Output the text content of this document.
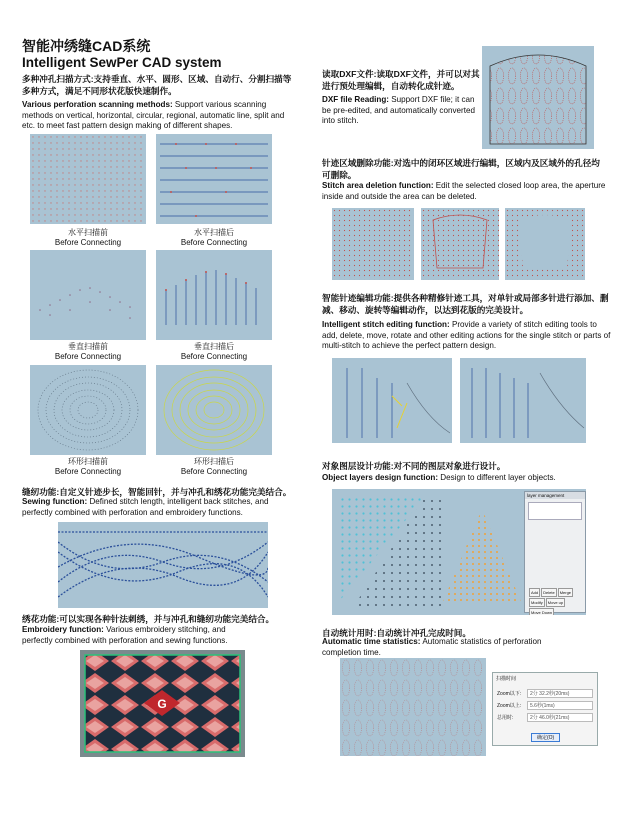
智能冲绣缝CAD系统
Intelligent SewPer CAD system
多种冲孔扫描方式:支持垂直、水平、圆形、区域、自动行、分割扫描等多种方式，满足不同形状花版快速制作。
Various perforation scanning methods: Support various scanning methods on vertical, horizontal, circular, regional, automatic line, split and etc. to meet fast pattern design making of different shapes.
水平扫描前
Before Connecting
水平扫描后
Before Connecting
垂直扫描前
Before Connecting
垂直扫描后
Before Connecting
环形扫描前
Before Connecting
环形扫描后
Before Connecting
缝纫功能:自定义针迹步长，智能回针，并与冲孔和绣花功能完美结合。
Sewing function: Defined stitch length, intelligent back stitches, and perfectly combined with perforation and embroidery functions.
绣花功能:可以实现各种针法刺绣，并与冲孔和缝纫功能完美结合。
Embroidery function: Various embroidery stitching, and perfectly combined with perforation and sewing functions.
G
读取DXF文件:读取DXF文件，并可以对其进行预处理编辑，自动转化成针迹。
DXF file Reading: Support DXF file; it can be pre-edited, and automatically converted into stitch.
针迹区域删除功能:对选中的闭环区域进行编辑，区域内及区域外的孔径均可删除。
Stitch area deletion function: Edit the selected closed loop area, the aperture inside and outside the area can be deleted.
智能针迹编辑功能:提供各种精修针迹工具，对单针或局部多针进行添加、删减、移动、旋转等编辑动作，以达到花版的完美设计。
Intelligent stitch editing function: Provide a variety of stitch editing tools to add, delete, move, rotate and other editing actions for the single stitch or parts of multi-stitch to achieve the perfect pattern design.
对象图层设计功能:对不同的图层对象进行设计。
Object layers design function: Design to different layer objects.
layer management
Add	Delete	Merge
Modify	Move up
Move Down
自动统计用时:自动统计冲孔完成时间。
Automatic time statistics: Automatic statistics of perforation completion time.
扫描时间
Zoom以下:	2分 32.2秒(20ms)
Zoom以上:	5.6秒(1ms)
总用时:	2分 46.0秒(21ms)
确定(O)
